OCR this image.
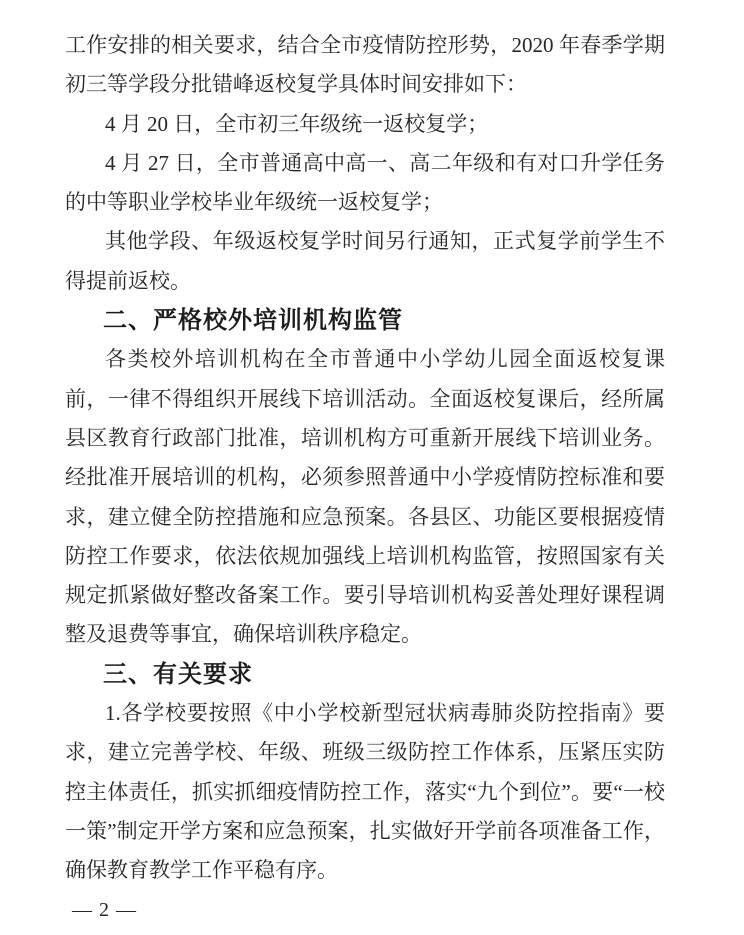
工作安排的相关要求，结合全市疫情防控形势，2020 年春季学期
初三等学段分批错峰返校复学具体时间安排如下：
4 月 20 日，全市初三年级统一返校复学；
4 月 27 日，全市普通高中高一、高二年级和有对口升学任务
的中等职业学校毕业年级统一返校复学；
其他学段、年级返校复学时间另行通知，正式复学前学生不
得提前返校。
二、严格校外培训机构监管
各类校外培训机构在全市普通中小学幼儿园全面返校复课
前，一律不得组织开展线下培训活动。全面返校复课后，经所属
县区教育行政部门批准，培训机构方可重新开展线下培训业务。
经批准开展培训的机构，必须参照普通中小学疫情防控标准和要
求，建立健全防控措施和应急预案。各县区、功能区要根据疫情
防控工作要求，依法依规加强线上培训机构监管，按照国家有关
规定抓紧做好整改备案工作。要引导培训机构妥善处理好课程调
整及退费等事宜，确保培训秩序稳定。
三、有关要求
1.各学校要按照《中小学校新型冠状病毒肺炎防控指南》要
求，建立完善学校、年级、班级三级防控工作体系，压紧压实防
控主体责任，抓实抓细疫情防控工作，落实“九个到位”。要“一校
一策”制定开学方案和应急预案，扎实做好开学前各项准备工作，
确保教育教学工作平稳有序。
— 2 —
